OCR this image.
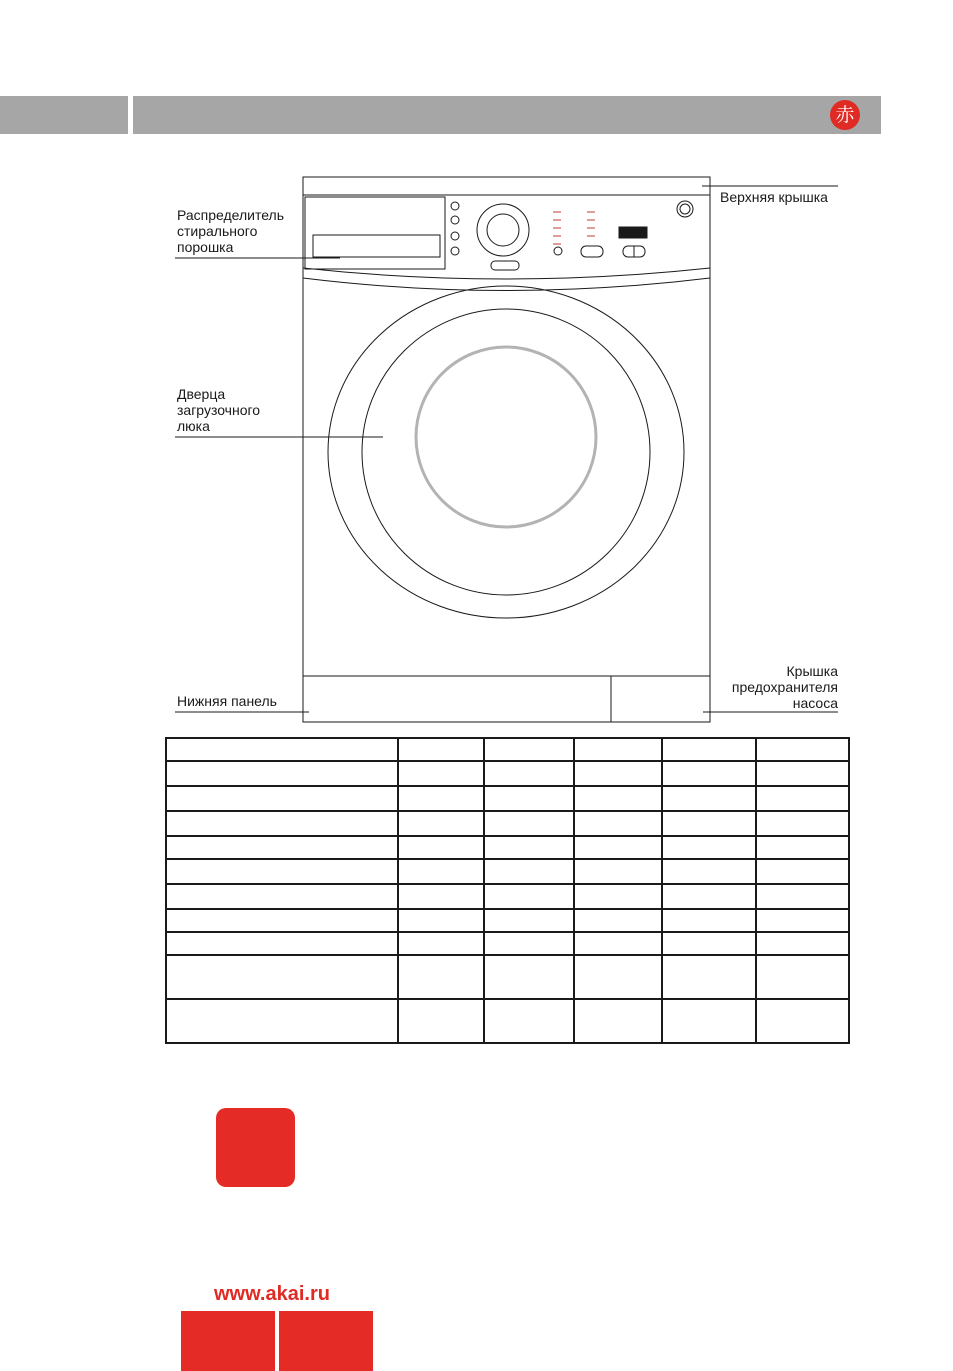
赤
Распределитель
стирального
порошка
Дверца
загрузочного
люка
Нижняя панель
Верхняя крышка
Крышка
предохранителя
насоса

www.akai.ru
